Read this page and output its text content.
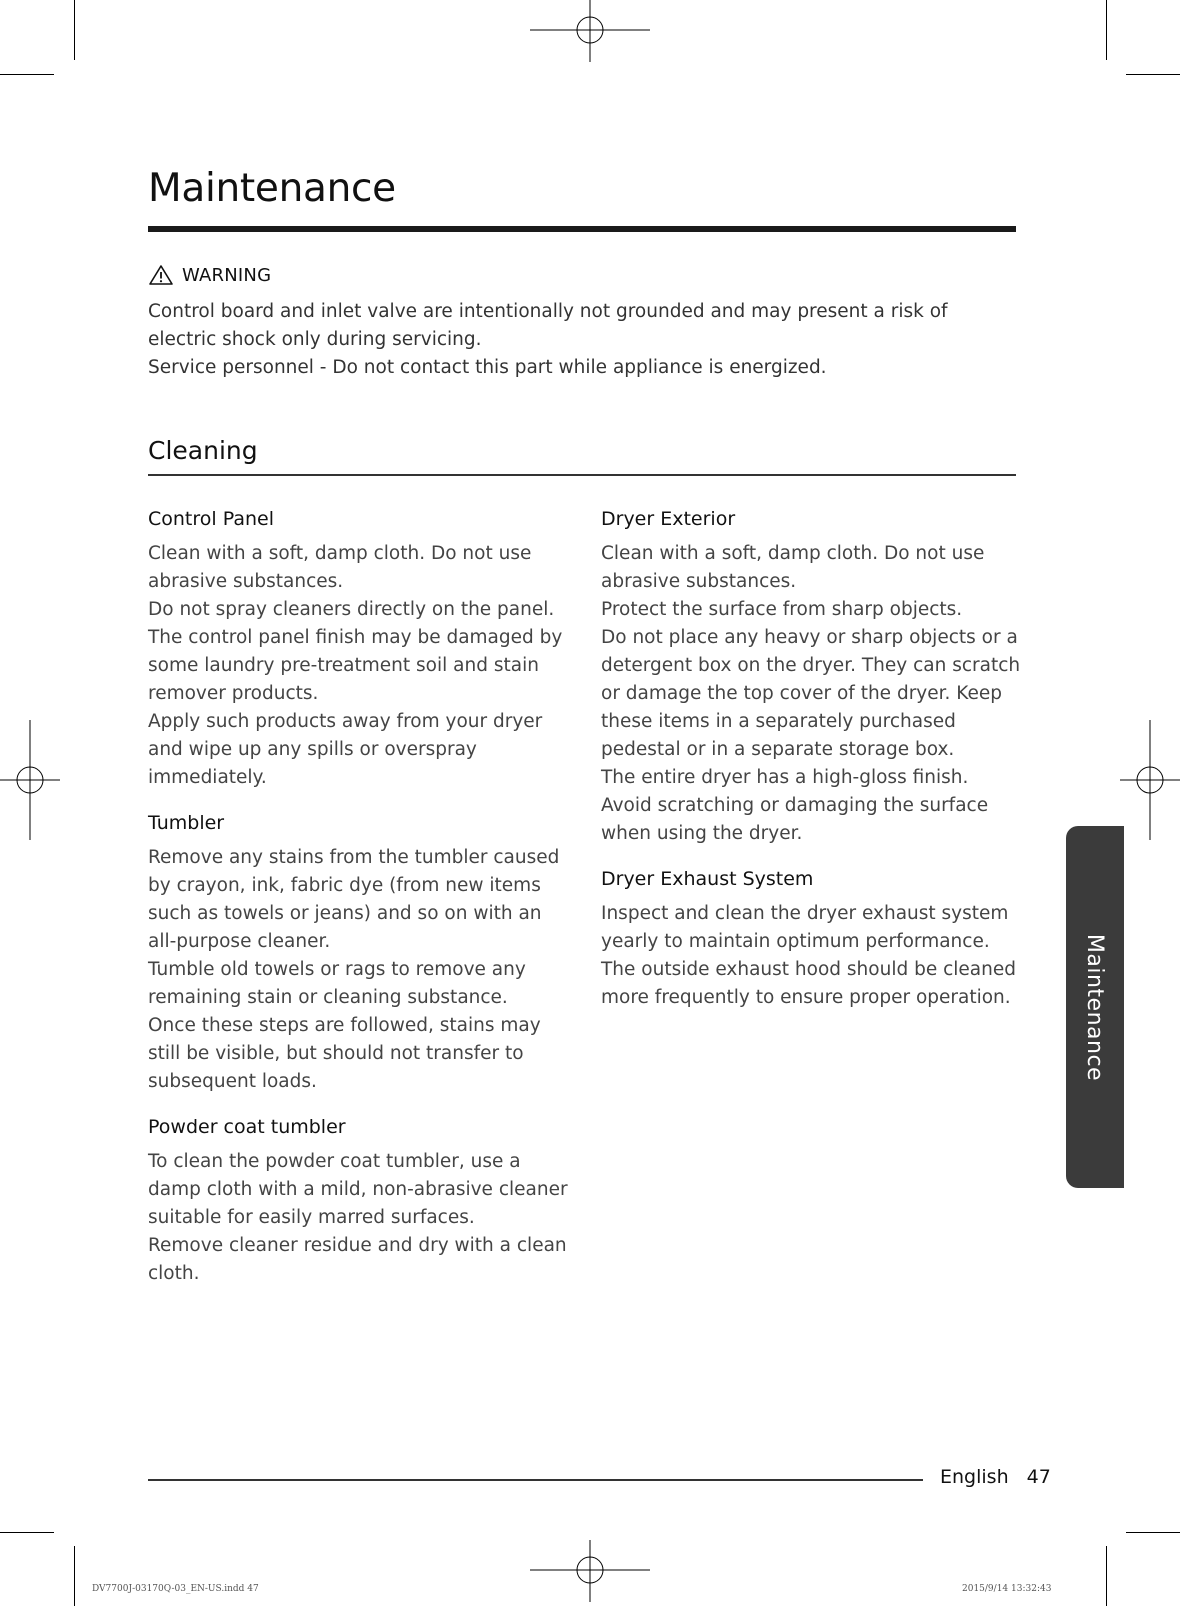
Maintenance
WARNING

Control board and inlet valve are intentionally not grounded and may present a risk of electric shock only during servicing.

Service personnel - Do not contact this part while appliance is energized.

Cleaning
Control Panel
Clean with a soft, damp cloth. Do not use abrasive substances.
Do not spray cleaners directly on the panel.
The control panel finish may be damaged by some laundry pre-treatment soil and stain remover products.
Apply such products away from your dryer and wipe up any spills or overspray immediately.
Tumbler
Remove any stains from the tumbler caused by crayon, ink, fabric dye (from new items such as towels or jeans) and so on with an all-purpose cleaner.
Tumble old towels or rags to remove any remaining stain or cleaning substance.
Once these steps are followed, stains may still be visible, but should not transfer to subsequent loads.
Powder coat tumbler
To clean the powder coat tumbler, use a damp cloth with a mild, non-abrasive cleaner suitable for easily marred surfaces.
Remove cleaner residue and dry with a clean cloth.
Dryer Exterior
Clean with a soft, damp cloth. Do not use abrasive substances.
Protect the surface from sharp objects.
Do not place any heavy or sharp objects or a detergent box on the dryer. They can scratch or damage the top cover of the dryer. Keep these items in a separately purchased pedestal or in a separate storage box.
The entire dryer has a high-gloss finish. Avoid scratching or damaging the surface when using the dryer.
Dryer Exhaust System
Inspect and clean the dryer exhaust system yearly to maintain optimum performance.
The outside exhaust hood should be cleaned more frequently to ensure proper operation.	Maintenance
English 47
DV7700J-03170Q-03_EN-US.indd 47	2015/9/14 13:32:43
